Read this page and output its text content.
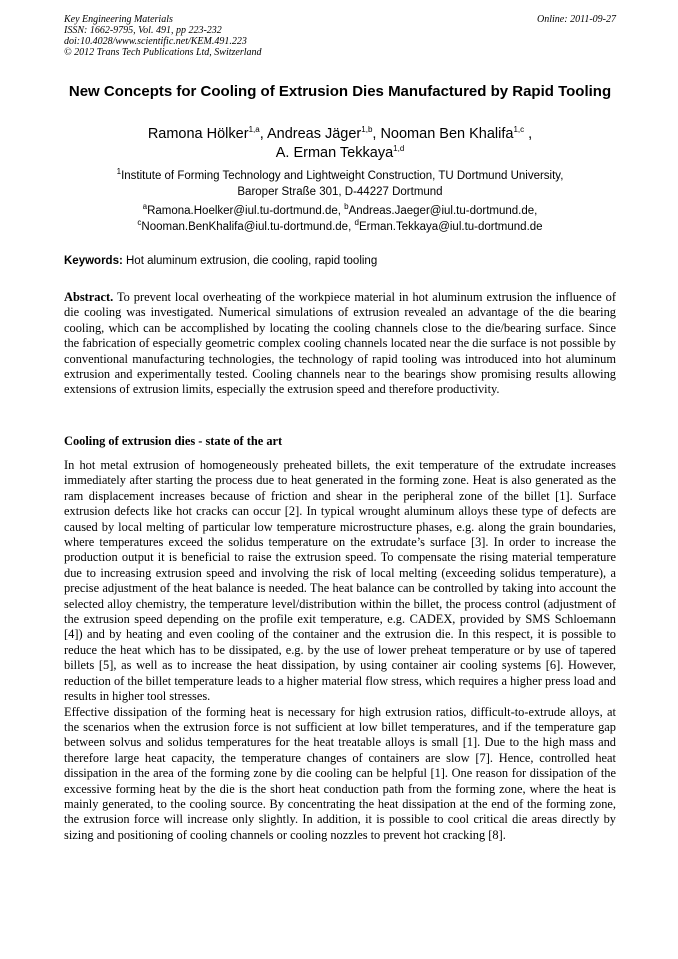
Key Engineering Materials
ISSN: 1662-9795, Vol. 491, pp 223-232
doi:10.4028/www.scientific.net/KEM.491.223
© 2012 Trans Tech Publications Ltd, Switzerland
Online: 2011-09-27
New Concepts for Cooling of Extrusion Dies Manufactured by Rapid Tooling
Ramona Hölker$^{1,a}$, Andreas Jäger$^{1,b}$, Nooman Ben Khalifa$^{1,c}$ ,
A. Erman Tekkaya$^{1,d}$
$^1$Institute of Forming Technology and Lightweight Construction, TU Dortmund University,
Baroper Straße 301, D-44227 Dortmund
$^a$Ramona.Hoelker@iul.tu-dortmund.de, $^b$Andreas.Jaeger@iul.tu-dortmund.de,
$^c$Nooman.BenKhalifa@iul.tu-dortmund.de, $^d$Erman.Tekkaya@iul.tu-dortmund.de
Keywords: Hot aluminum extrusion, die cooling, rapid tooling
Abstract. To prevent local overheating of the workpiece material in hot aluminum extrusion the influence of die cooling was investigated. Numerical simulations of extrusion revealed an advantage of the die bearing cooling, which can be accomplished by locating the cooling channels close to the die/bearing surface. Since the fabrication of especially geometric complex cooling channels located near the die surface is not possible by conventional manufacturing technologies, the technology of rapid tooling was introduced into hot aluminum extrusion and experimentally tested. Cooling channels near to the bearings show promising results allowing extensions of extrusion limits, especially the extrusion speed and therefore productivity.
Cooling of extrusion dies - state of the art

In hot metal extrusion of homogeneously preheated billets, the exit temperature of the extrudate increases immediately after starting the process due to heat generated in the forming zone. Heat is also generated as the ram displacement increases because of friction and shear in the peripheral zone of the billet [1]. Surface extrusion defects like hot cracks can occur [2]. In typical wrought aluminum alloys these type of defects are caused by local melting of particular low temperature microstructure phases, e.g. along the grain boundaries, where temperatures exceed the solidus temperature on the extrudate’s surface [3]. In order to increase the production output it is beneficial to raise the extrusion speed. To compensate the rising material temperature due to increasing extrusion speed and involving the risk of local melting (exceeding solidus temperature), a precise adjustment of the heat balance is needed. The heat balance can be controlled by taking into account the selected alloy chemistry, the temperature level/distribution within the billet, the process control (adjustment of the extrusion speed depending on the profile exit temperature, e.g. CADEX, provided by SMS Schloemann [4]) and by heating and even cooling of the container and the extrusion die. In this respect, it is possible to reduce the heat which has to be dissipated, e.g. by the use of lower preheat temperature or by use of tapered billets [5], as well as to increase the heat dissipation, by using container air cooling systems [6]. However, reduction of the billet temperature leads to a higher material flow stress, which requires a higher press load and results in higher tool stresses.

Effective dissipation of the forming heat is necessary for high extrusion ratios, difficult-to-extrude alloys, at the scenarios when the extrusion force is not sufficient at low billet temperatures, and if the temperature gap between solvus and solidus temperatures for the heat treatable alloys is small [1]. Due to the high mass and therefore large heat capacity, the temperature changes of containers are slow [7]. Hence, controlled heat dissipation in the area of the forming zone by die cooling can be helpful [1]. One reason for dissipation of the excessive forming heat by the die is the short heat conduction path from the forming zone, where the heat is mainly generated, to the cooling source. By concentrating the heat dissipation at the end of the forming zone, the extrusion force will increase only slightly. In addition, it is possible to cool critical die areas directly by sizing and positioning of cooling channels or cooling nozzles to prevent hot cracking [8].
